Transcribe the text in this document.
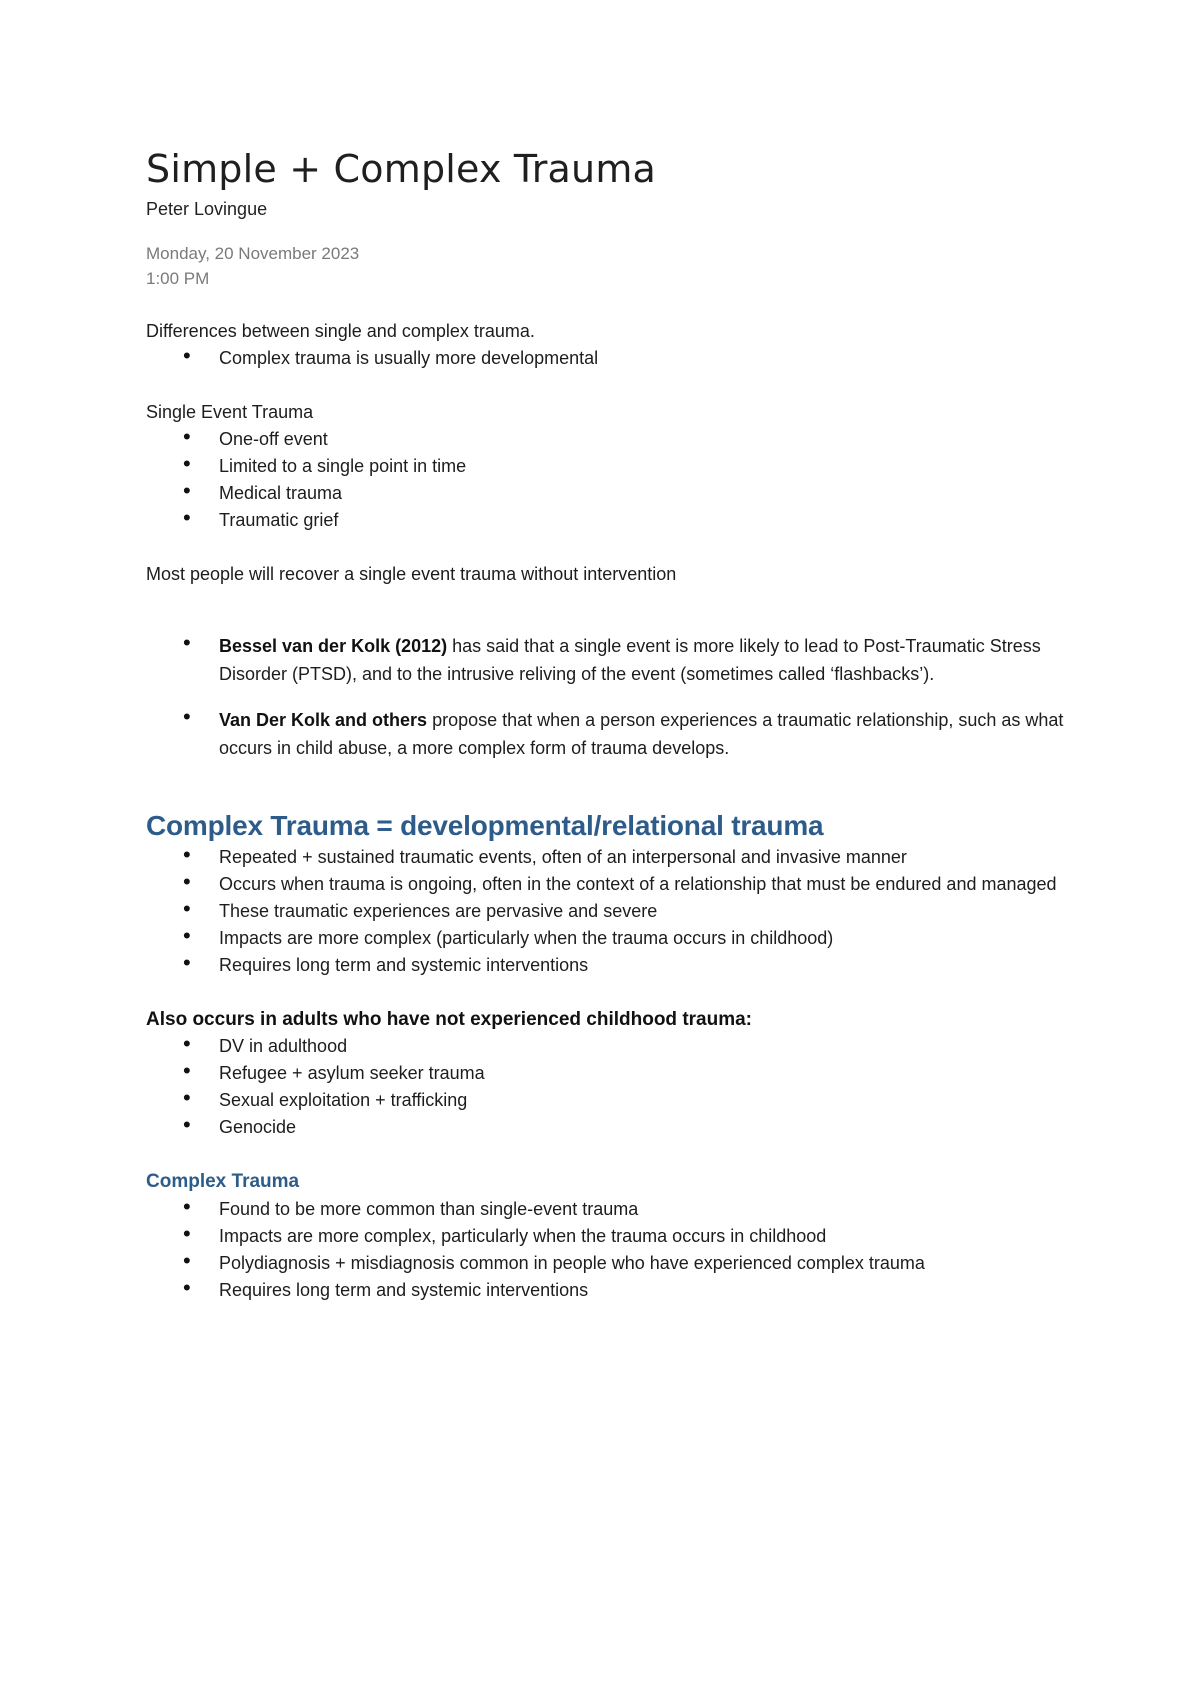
Simple + Complex Trauma
Peter Lovingue
Monday, 20 November 2023
1:00 PM

Differences between single and complex trauma.

• Complex trauma is usually more developmental

Single Event Trauma

• One-off event
• Limited to a single point in time
• Medical trauma
• Traumatic grief

Most people will recover a single event trauma without intervention

• Bessel van der Kolk (2012) has said that a single event is more likely to lead to Post-Traumatic Stress Disorder (PTSD), and to the intrusive reliving of the event (sometimes called ‘flashbacks’).
• Van Der Kolk and others propose that when a person experiences a traumatic relationship, such as what occurs in child abuse, a more complex form of trauma develops.
Complex Trauma = developmental/relational trauma
• Repeated + sustained traumatic events, often of an interpersonal and invasive manner
• Occurs when trauma is ongoing, often in the context of a relationship that must be endured and managed
• These traumatic experiences are pervasive and severe
• Impacts are more complex (particularly when the trauma occurs in childhood)
• Requires long term and systemic interventions

Also occurs in adults who have not experienced childhood trauma:

• DV in adulthood
• Refugee + asylum seeker trauma
• Sexual exploitation + trafficking
• Genocide
Complex Trauma
• Found to be more common than single-event trauma
• Impacts are more complex, particularly when the trauma occurs in childhood
• Polydiagnosis + misdiagnosis common in people who have experienced complex trauma
• Requires long term and systemic interventions
